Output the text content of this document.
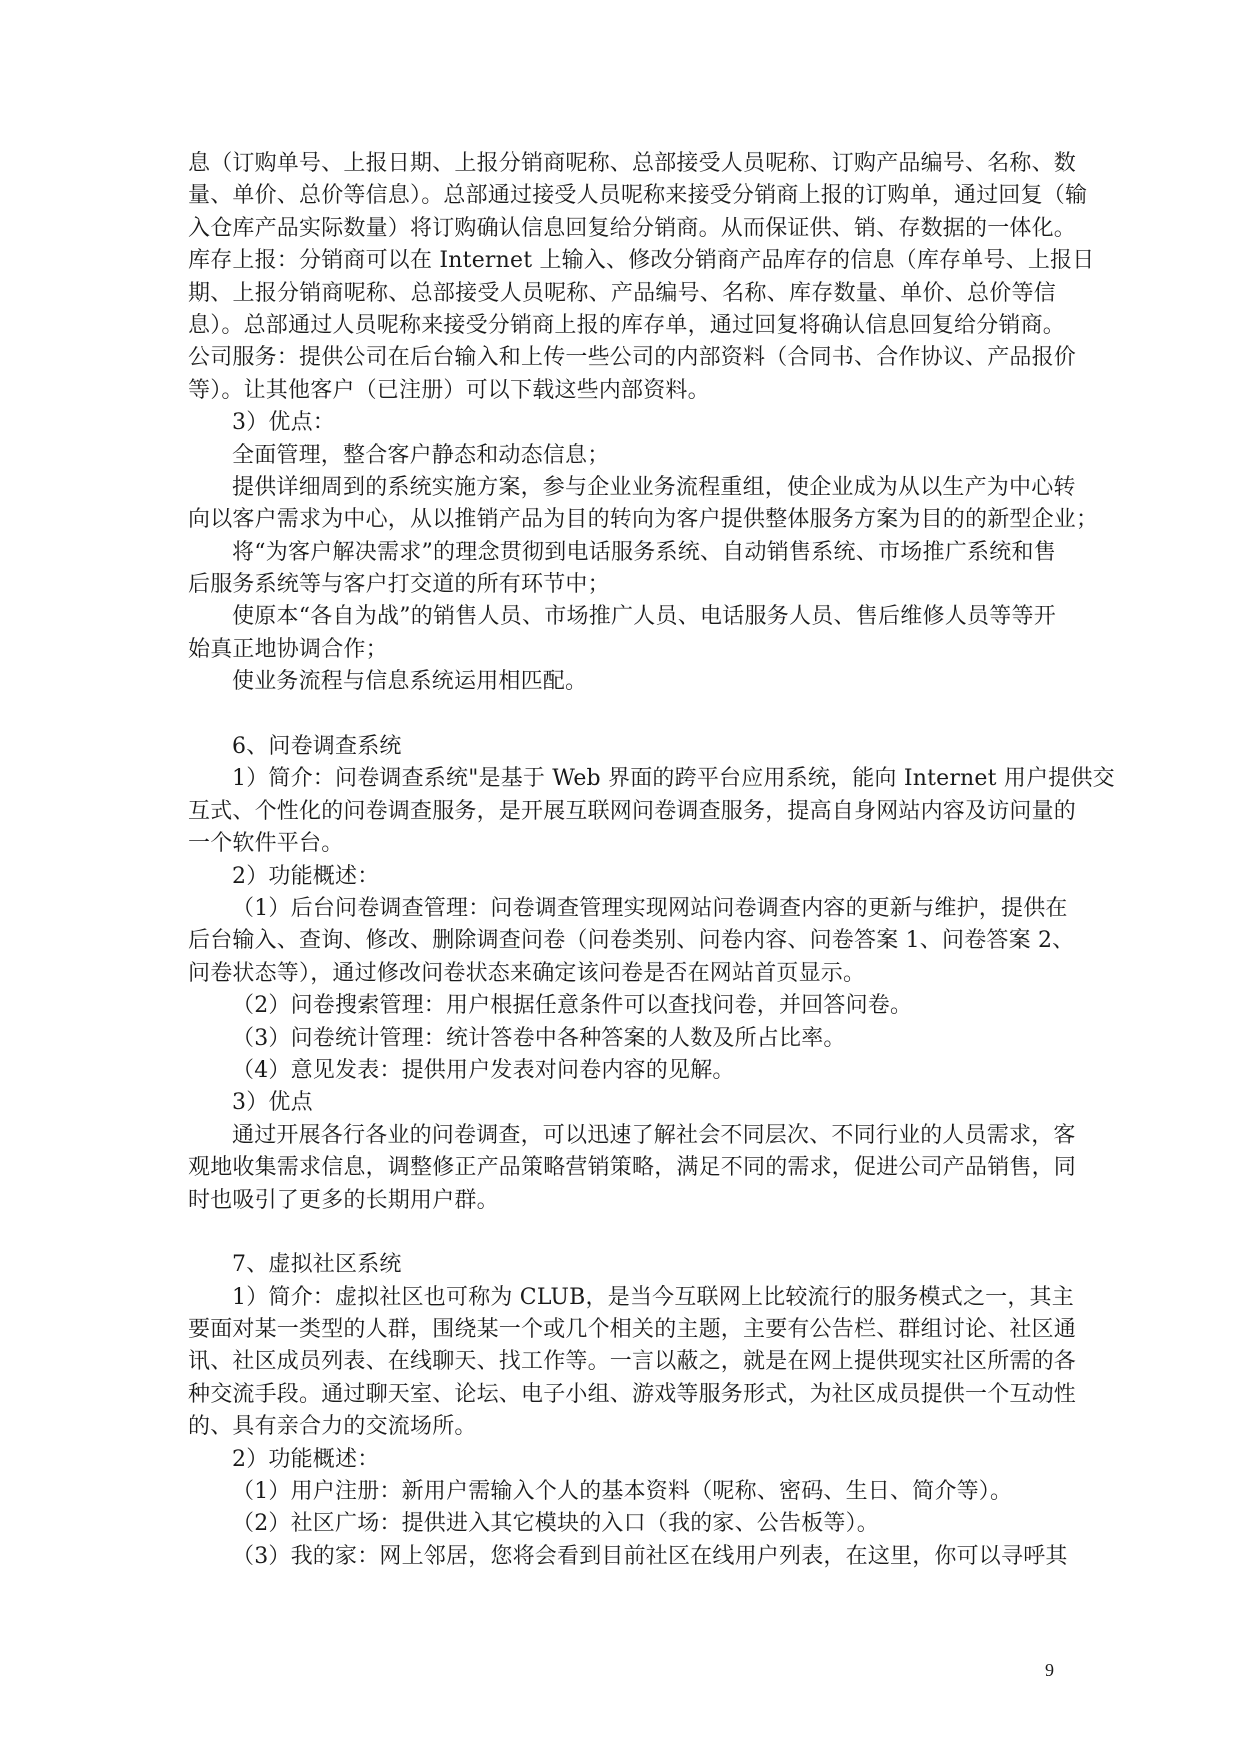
息（订购单号、上报日期、上报分销商呢称、总部接受人员呢称、订购产品编号、名称、数
量、单价、总价等信息）。总部通过接受人员呢称来接受分销商上报的订购单，通过回复（输
入仓库产品实际数量）将订购确认信息回复给分销商。从而保证供、销、存数据的一体化。
库存上报：分销商可以在 Internet 上输入、修改分销商产品库存的信息（库存单号、上报日
期、上报分销商呢称、总部接受人员呢称、产品编号、名称、库存数量、单价、总价等信
息）。总部通过人员呢称来接受分销商上报的库存单，通过回复将确认信息回复给分销商。
公司服务：提供公司在后台输入和上传一些公司的内部资料（合同书、合作协议、产品报价
等）。让其他客户（已注册）可以下载这些内部资料。
3）优点：
全面管理，整合客户静态和动态信息；
提供详细周到的系统实施方案，参与企业业务流程重组，使企业成为从以生产为中心转
向以客户需求为中心，从以推销产品为目的转向为客户提供整体服务方案为目的的新型企业；
将“为客户解决需求”的理念贯彻到电话服务系统、自动销售系统、市场推广系统和售
后服务系统等与客户打交道的所有环节中；
使原本“各自为战”的销售人员、市场推广人员、电话服务人员、售后维修人员等等开
始真正地协调合作；
使业务流程与信息系统运用相匹配。
6、问卷调查系统
1）简介：问卷调查系统"是基于 Web 界面的跨平台应用系统，能向 Internet 用户提供交
互式、个性化的问卷调查服务，是开展互联网问卷调查服务，提高自身网站内容及访问量的
一个软件平台。
2）功能概述：
（1）后台问卷调查管理：问卷调查管理实现网站问卷调查内容的更新与维护，提供在
后台输入、查询、修改、删除调查问卷（问卷类别、问卷内容、问卷答案 1、问卷答案 2、
问卷状态等），通过修改问卷状态来确定该问卷是否在网站首页显示。
（2）问卷搜索管理：用户根据任意条件可以查找问卷，并回答问卷。
（3）问卷统计管理：统计答卷中各种答案的人数及所占比率。
（4）意见发表：提供用户发表对问卷内容的见解。
3）优点
通过开展各行各业的问卷调查，可以迅速了解社会不同层次、不同行业的人员需求，客
观地收集需求信息，调整修正产品策略营销策略，满足不同的需求，促进公司产品销售，同
时也吸引了更多的长期用户群。
7、虚拟社区系统
1）简介：虚拟社区也可称为 CLUB，是当今互联网上比较流行的服务模式之一，其主
要面对某一类型的人群，围绕某一个或几个相关的主题，主要有公告栏、群组讨论、社区通
讯、社区成员列表、在线聊天、找工作等。一言以蔽之，就是在网上提供现实社区所需的各
种交流手段。通过聊天室、论坛、电子小组、游戏等服务形式，为社区成员提供一个互动性
的、具有亲合力的交流场所。
2）功能概述：
（1）用户注册：新用户需输入个人的基本资料（呢称、密码、生日、简介等）。
（2）社区广场：提供进入其它模块的入口（我的家、公告板等）。
（3）我的家：网上邻居，您将会看到目前社区在线用户列表，在这里，你可以寻呼其
9
